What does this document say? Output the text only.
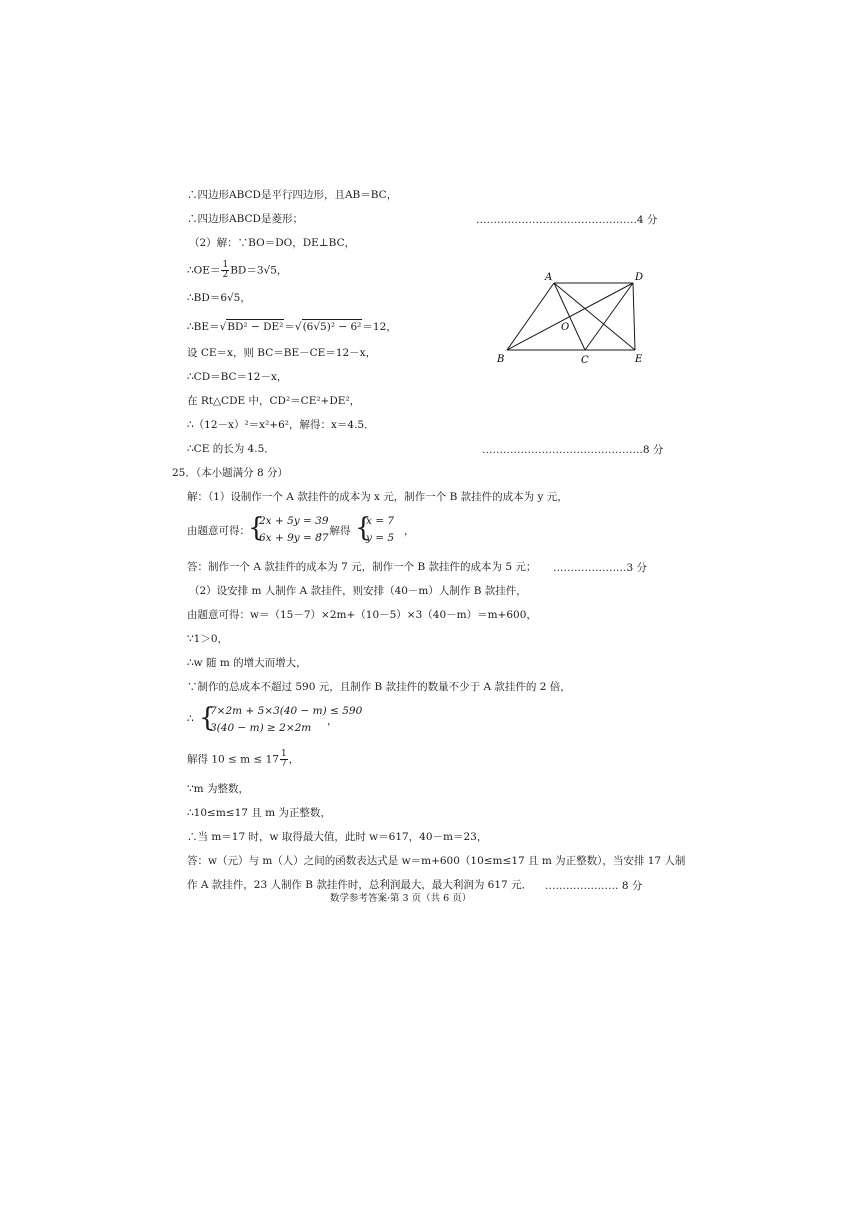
∴四边形ABCD是平行四边形，且AB＝BC，
∴四边形ABCD是菱形；	……………………………………….4 分
（2）解：∵BO＝DO，DE⊥BC，
∴OE＝ $\frac{1}{2} BD=3√5$，
∴BD＝6√5，
∴BE＝√BD² − DE²＝√(6√5)² − 6²＝12，
设 CE＝x，则 BC＝BE－CE＝12－x，
∴CD＝BC＝12－x，
在 Rt△CDE 中，CD²＝CE²+DE²，
∴（12－x）²＝x²+6²，解得：x＝4.5．
∴CE 的长为 4.5．	……………………………………….8 分
A	D
O
B	C	E
25．（本小题满分 8 分）
解：（1）设制作一个 A 款挂件的成本为 x 元，制作一个 B 款挂件的成本为 y 元，
由题意可得：
{
2x + 5y = 39
6x + 9y = 87
，解得 {
x = 7
y = 5
，
答：制作一个 A 款挂件的成本为 7 元，制作一个 B 款挂件的成本为 5 元； …………………3 分
（2）设安排 m 人制作 A 款挂件，则安排（40－m）人制作 B 款挂件，
由题意可得：w＝（15－7）×2m+（10－5）×3（40－m）＝m+600，
∵1＞0，
∴w 随 m 的增大而增大，
∵制作的总成本不超过 590 元，且制作 B 款挂件的数量不少于 A 款挂件的 2 倍，
∴ {
7×2m + 5×3(40 − m) ≤ 590
3(40 − m) ≥ 2×2m
，
解得 $10 \le m \le 17 \frac{1}{7}$ ，
∵m 为整数，
∴10≤m≤17 且 m 为正整数，
∴当 m＝17 时，w 取得最大值，此时 w＝617，40－m＝23，
答：w（元）与 m（人）之间的函数表达式是 w＝m+600（10≤m≤17 且 m 为正整数），当安排 17 人制
作 A 款挂件，23 人制作 B 款挂件时，总利润最大，最大利润为 617 元． ………………… 8 分
数学参考答案·第 3 页（共 6 页）
